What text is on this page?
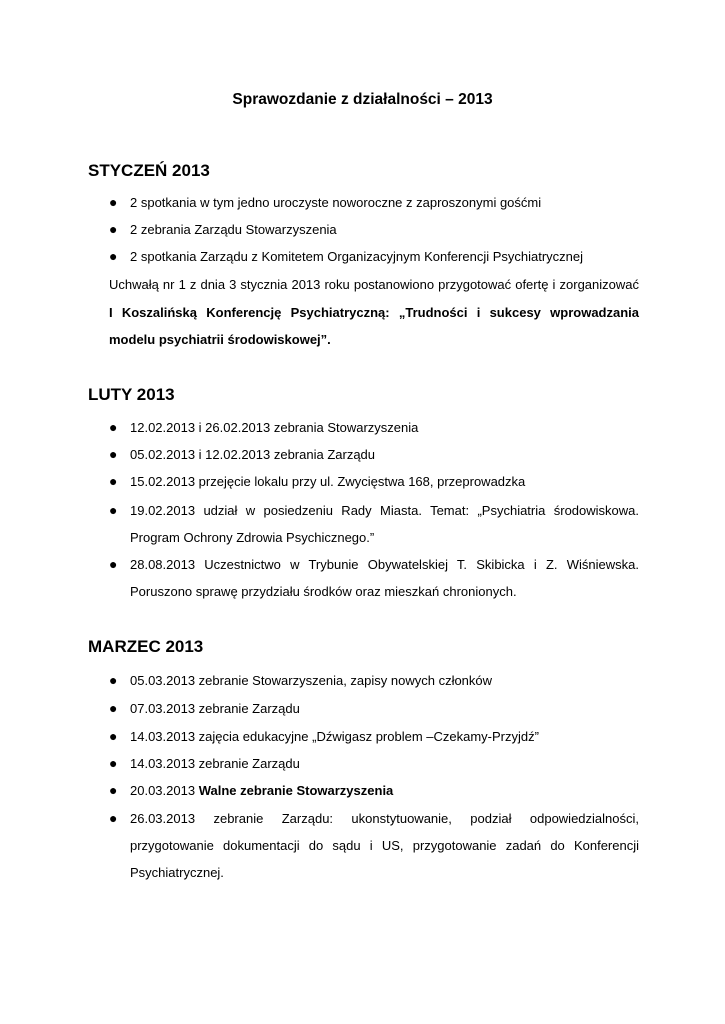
Sprawozdanie z działalności – 2013
STYCZEŃ 2013
● 2 spotkania w tym jedno uroczyste noworoczne z zaproszonymi gośćmi
● 2 zebrania Zarządu Stowarzyszenia
● 2 spotkania Zarządu z Komitetem Organizacyjnym Konferencji Psychiatrycznej
Uchwałą nr 1 z dnia 3 stycznia 2013 roku postanowiono przygotować ofertę i zorganizować I Koszalińską Konferencję Psychiatryczną: „Trudności i sukcesy wprowadzania modelu psychiatrii środowiskowej”.
LUTY 2013
● 12.02.2013 i 26.02.2013 zebrania Stowarzyszenia
● 05.02.2013 i 12.02.2013 zebrania Zarządu
● 15.02.2013 przejęcie lokalu przy ul. Zwycięstwa 168, przeprowadzka
● 19.02.2013 udział w posiedzeniu Rady Miasta. Temat: „Psychiatria środowiskowa. Program Ochrony Zdrowia Psychicznego.”
● 28.08.2013 Uczestnictwo w Trybunie Obywatelskiej T. Skibicka i Z. Wiśniewska. Poruszono sprawę przydziału środków oraz mieszkań chronionych.
MARZEC 2013
● 05.03.2013 zebranie Stowarzyszenia, zapisy nowych członków
● 07.03.2013 zebranie Zarządu
● 14.03.2013 zajęcia edukacyjne „Dźwigasz problem –Czekamy-Przyjdź”
● 14.03.2013 zebranie Zarządu
● 20.03.2013 Walne zebranie Stowarzyszenia
● 26.03.2013 zebranie Zarządu: ukonstytuowanie, podział odpowiedzialności, przygotowanie dokumentacji do sądu i US, przygotowanie zadań do Konferencji Psychiatrycznej.
